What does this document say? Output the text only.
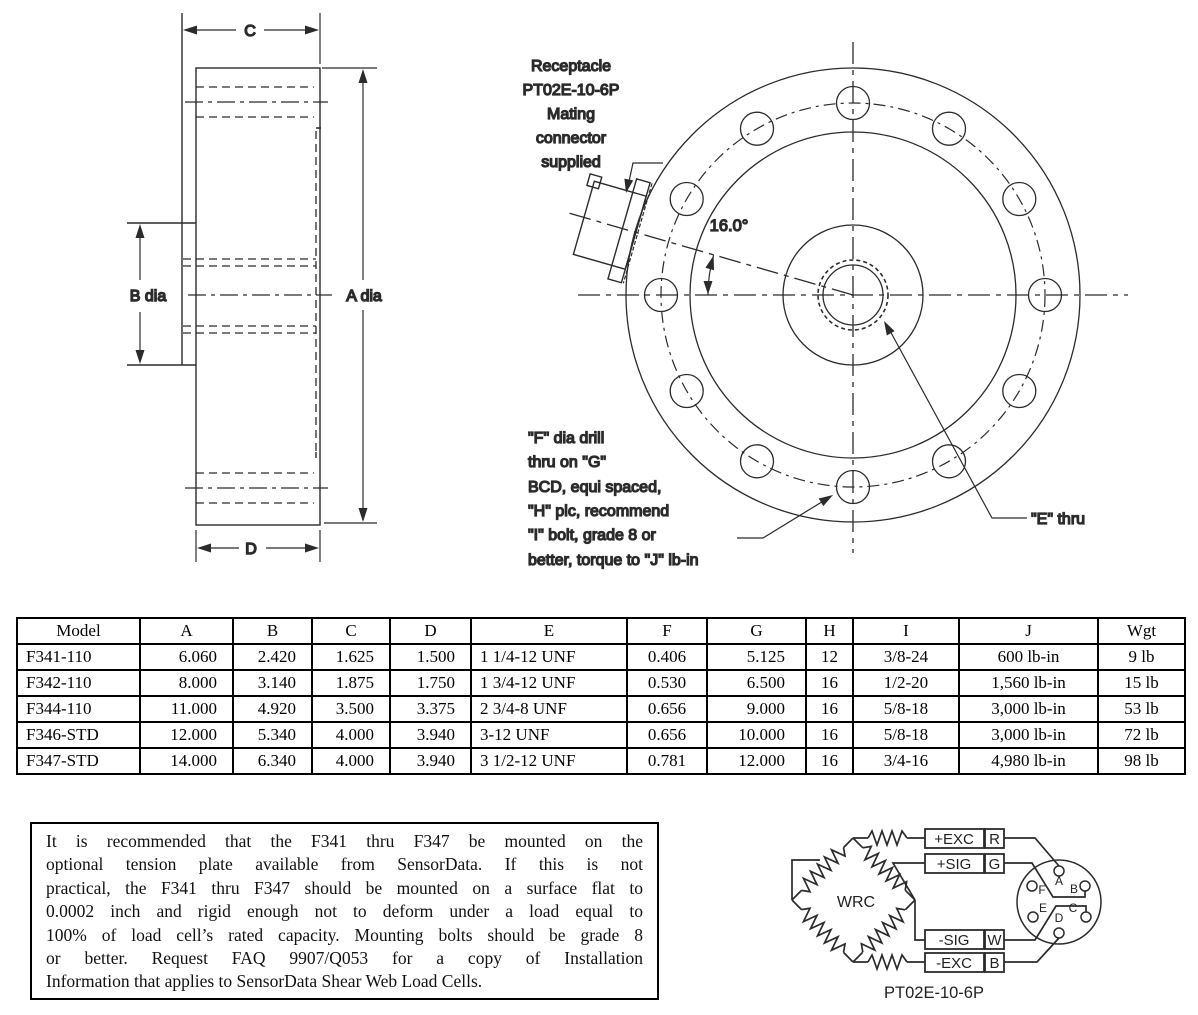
C
A dia
B dia
D
16.0°
Receptacle
PT02E-10-6P
Mating
connector
supplied
"E" thru
"F" dia drill
thru on "G"
BCD, equi spaced,
"H" plc, recommend
"I" bolt, grade 8 or
better, torque to "J" lb-in
Model	A	B	C	D	E	F	G	H	I	J	Wgt
F341-110	6.060	2.420	1.625	1.500	1 1/4-12 UNF	0.406	5.125	12	3/8-24	600 lb-in	9 lb
F342-110	8.000	3.140	1.875	1.750	1 3/4-12 UNF	0.530	6.500	16	1/2-20	1,560 lb-in	15 lb
F344-110	11.000	4.920	3.500	3.375	2 3/4-8 UNF	0.656	9.000	16	5/8-18	3,000 lb-in	53 lb
F346-STD	12.000	5.340	4.000	3.940	3-12 UNF	0.656	10.000	16	5/8-18	3,000 lb-in	72 lb
F347-STD	14.000	6.340	4.000	3.940	3 1/2-12 UNF	0.781	12.000	16	3/4-16	4,980 lb-in	98 lb
It is recommended that the F341 thru F347 be mounted on the
optional tension plate available from SensorData. If this is not
practical, the F341 thru F347 should be mounted on a surface flat to
0.0002 inch and rigid enough not to deform under a load equal to
100% of load cell’s rated capacity. Mounting bolts should be grade 8
or better. Request FAQ 9907/Q053 for a copy of Installation
Information that applies to SensorData Shear Web Load Cells.
WRC
+EXC R
+SIG G
-SIG W
-EXC B
A
B
C
D
E
F
PT02E-10-6P
